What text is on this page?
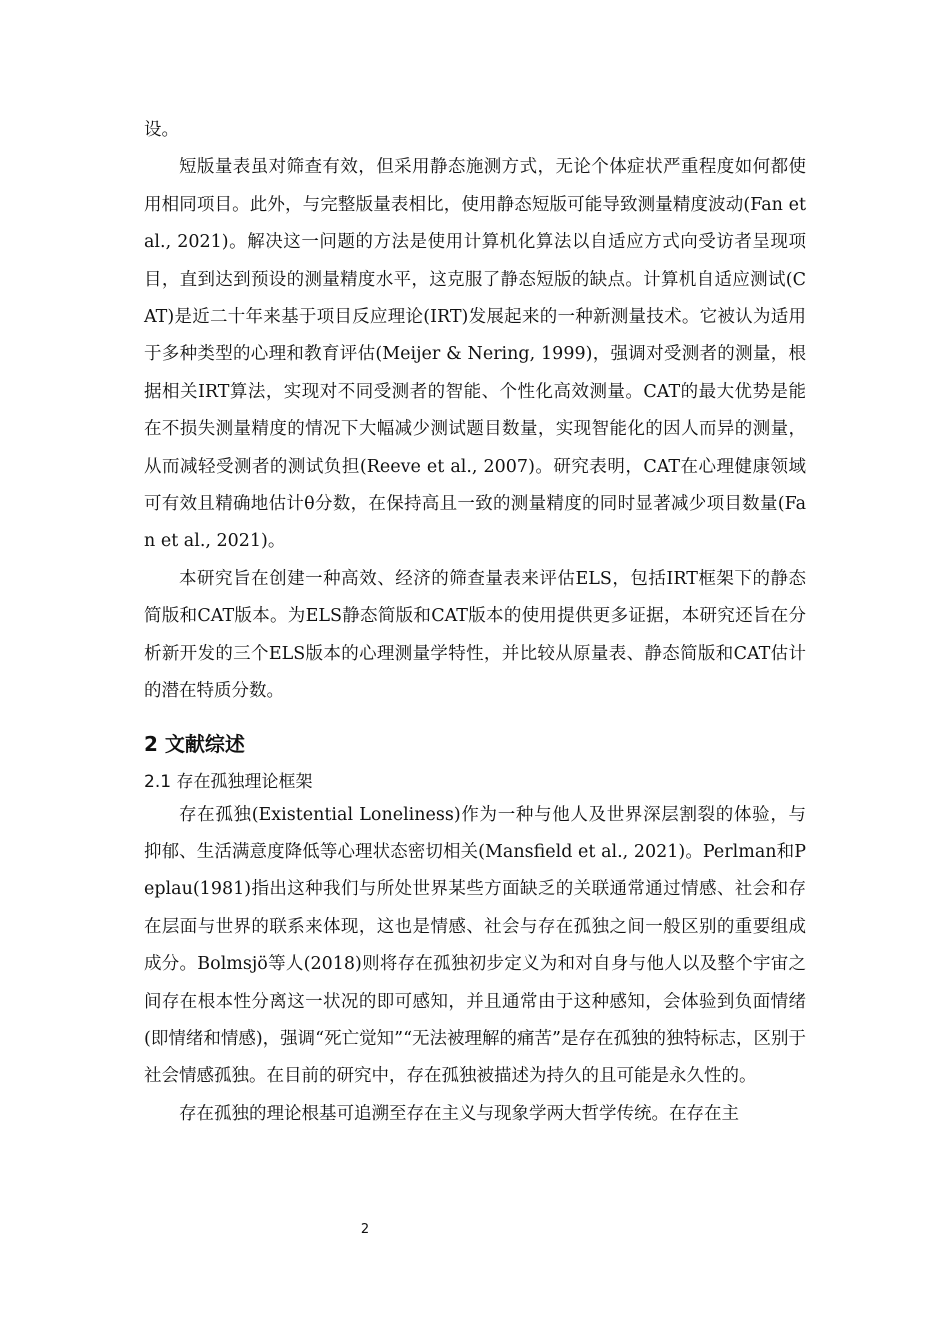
设。

短版量表虽对筛查有效，但采用静态施测方式，无论个体症状严重程度如何都使用相同项目。此外，与完整版量表相比，使用静态短版可能导致测量精度波动(Fan et al., 2021)。解决这一问题的方法是使用计算机化算法以自适应方式向受访者呈现项目，直到达到预设的测量精度水平，这克服了静态短版的缺点。计算机自适应测试(CAT)是近二十年来基于项目反应理论(IRT)发展起来的一种新测量技术。它被认为适用于多种类型的心理和教育评估(Meijer & Nering, 1999)，强调对受测者的测量，根据相关IRT算法，实现对不同受测者的智能、个性化高效测量。CAT的最大优势是能在不损失测量精度的情况下大幅减少测试题目数量，实现智能化的因人而异的测量，从而减轻受测者的测试负担(Reeve et al., 2007)。研究表明，CAT在心理健康领域可有效且精确地估计θ分数，在保持高且一致的测量精度的同时显著减少项目数量(Fan et al., 2021)。

本研究旨在创建一种高效、经济的筛查量表来评估ELS，包括IRT框架下的静态简版和CAT版本。为ELS静态简版和CAT版本的使用提供更多证据，本研究还旨在分析新开发的三个ELS版本的心理测量学特性，并比较从原量表、静态简版和CAT估计的潜在特质分数。

2 文献综述
2.1 存在孤独理论框架

存在孤独(Existential Loneliness)作为一种与他人及世界深层割裂的体验，与抑郁、生活满意度降低等心理状态密切相关(Mansfield et al., 2021)。Perlman和Peplau(1981)指出这种我们与所处世界某些方面缺乏的关联通常通过情感、社会和存在层面与世界的联系来体现，这也是情感、社会与存在孤独之间一般区别的重要组成成分。Bolmsjö等人(2018)则将存在孤独初步定义为和对自身与他人以及整个宇宙之间存在根本性分离这一状况的即可感知，并且通常由于这种感知，会体验到负面情绪(即情绪和情感)，强调“死亡觉知”“无法被理解的痛苦”是存在孤独的独特标志，区别于社会情感孤独。在目前的研究中，存在孤独被描述为持久的且可能是永久性的。

存在孤独的理论根基可追溯至存在主义与现象学两大哲学传统。在存在主

2
